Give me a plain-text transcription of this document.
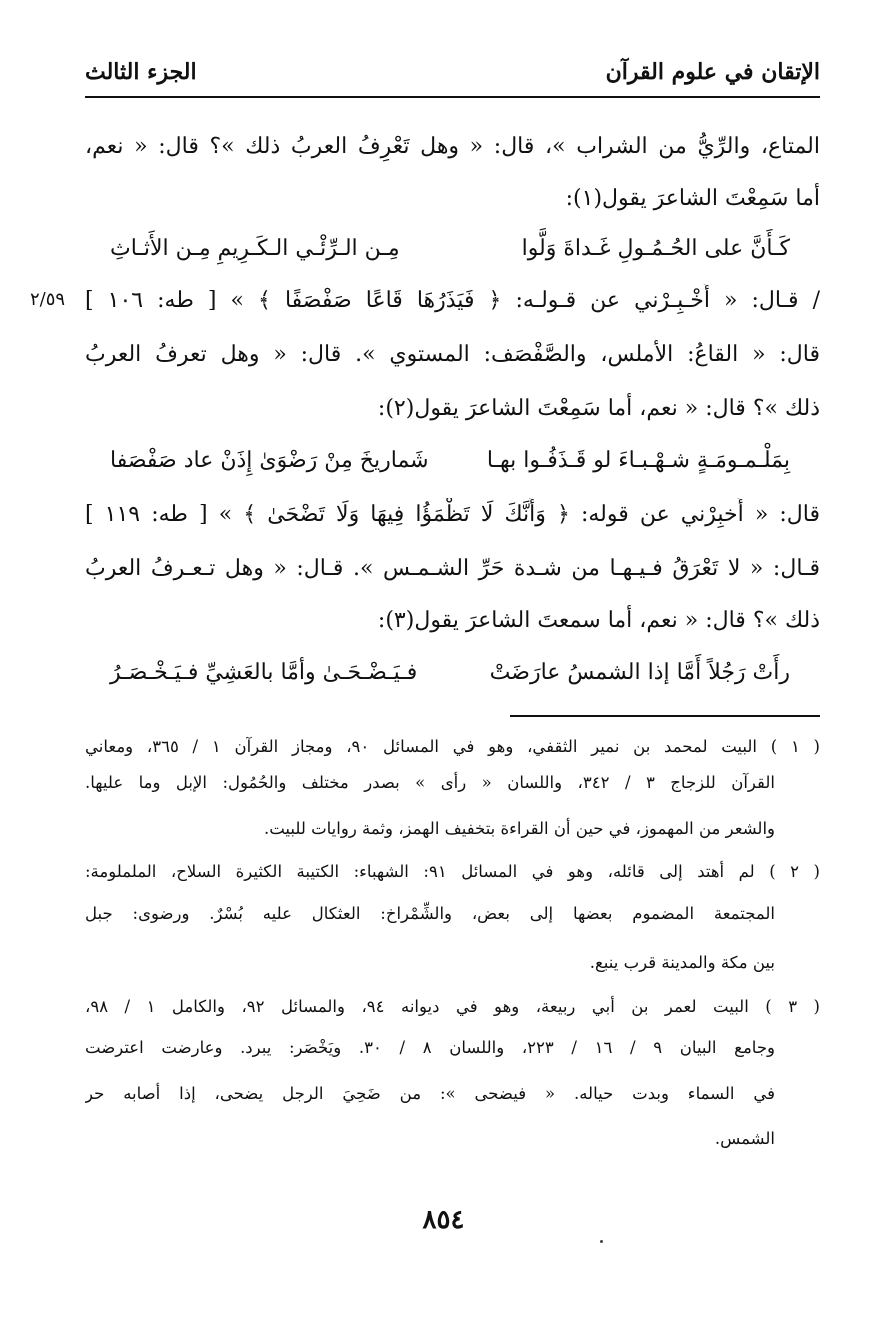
الجزء الثالث	الإتقان في علوم القرآن
المتاع، والرِّيُّ من الشراب »، قال: « وهل تَعْرِفُ العربُ ذلك »؟ قال: « نعم،
أما سَمِعْتَ الشاعرَ يقول(١):
كَـأَنَّ على الحُـمُـولِ غَـداةَ وَلَّوا
مِـن الـرِّئْـي الـكَـرِيمِ مِـن الأَثـاثِ
٢/٥٩ / قـال: « أَخْـبِـرْني عن قـولـه: ﴿ فَيَذَرُهَا قَاعًا صَفْصَفًا ﴾ » [ طه: ١٠٦ ]
قال: « القاعُ: الأملس، والصَّفْصَف: المستوي ». قال: « وهل تعرفُ العربُ
ذلك »؟ قال: « نعم، أما سَمِعْتَ الشاعرَ يقول(٢):
بِمَلْـمـومَـةٍ شـهْـبـاءَ لو قَـذَفُـوا بهـا
شَماريخَ مِنْ رَضْوَىٰ إِذَنْ عاد صَفْصَفا
قال: « أَخبِرْني عن قوله: ﴿ وَأَنَّكَ لَا تَظْمَؤُا فِيهَا وَلَا تَضْحَىٰ ﴾ » [ طه: ١١٩ ]
قـال: « لا تَعْرَقُ فـيـهـا من شـدة حَرِّ الشـمـس ». قـال: « وهل تـعـرفُ العربُ
ذلك »؟ قال: « نعم، أما سمعتَ الشاعرَ يقول(٣):
رأَتْ رَجُلاً أَمَّا إذا الشمسُ عارَضَتْ
فـيَـضْـحَـىٰ وأمَّا بالعَشِيِّ فـيَـخْـصَـرُ
( ١ ) البيت لمحمد بن نمير الثقفي، وهو في المسائل ٩٠، ومجاز القرآن ١ / ٣٦٥، ومعاني
القرآن للزجاج ٣ / ٣٤٢، واللسان « رأى » بصدر مختلف والحُمُول: الإبل وما عليها.
والشعر من المهموز، في حين أن القراءة بتخفيف الهمز، وثمة روايات للبيت.
( ٢ ) لم أهتد إلى قائله، وهو في المسائل ٩١: الشهباء: الكتيبة الكثيرة السلاح، الململومة:
المجتمعة المضموم بعضها إلى بعض، والشِّمْراخ: العثكال عليه بُسْرٌ. ورضوى: جبل
بين مكة والمدينة قرب ينبع.
( ٣ ) البيت لعمر بن أبي ربيعة، وهو في ديوانه ٩٤، والمسائل ٩٢، والكامل ١ / ٩٨،
وجامع البيان ٩ / ١٦ / ٢٢٣، واللسان ٨ / ٣٠. ويَخْصَر: يبرد. وعارضت اعترضت
في السماء وبدت حياله. « فيضحى »: من ضَحِيَ الرجل يضحى، إذا أصابه حر
الشمس.
٨٥٤
